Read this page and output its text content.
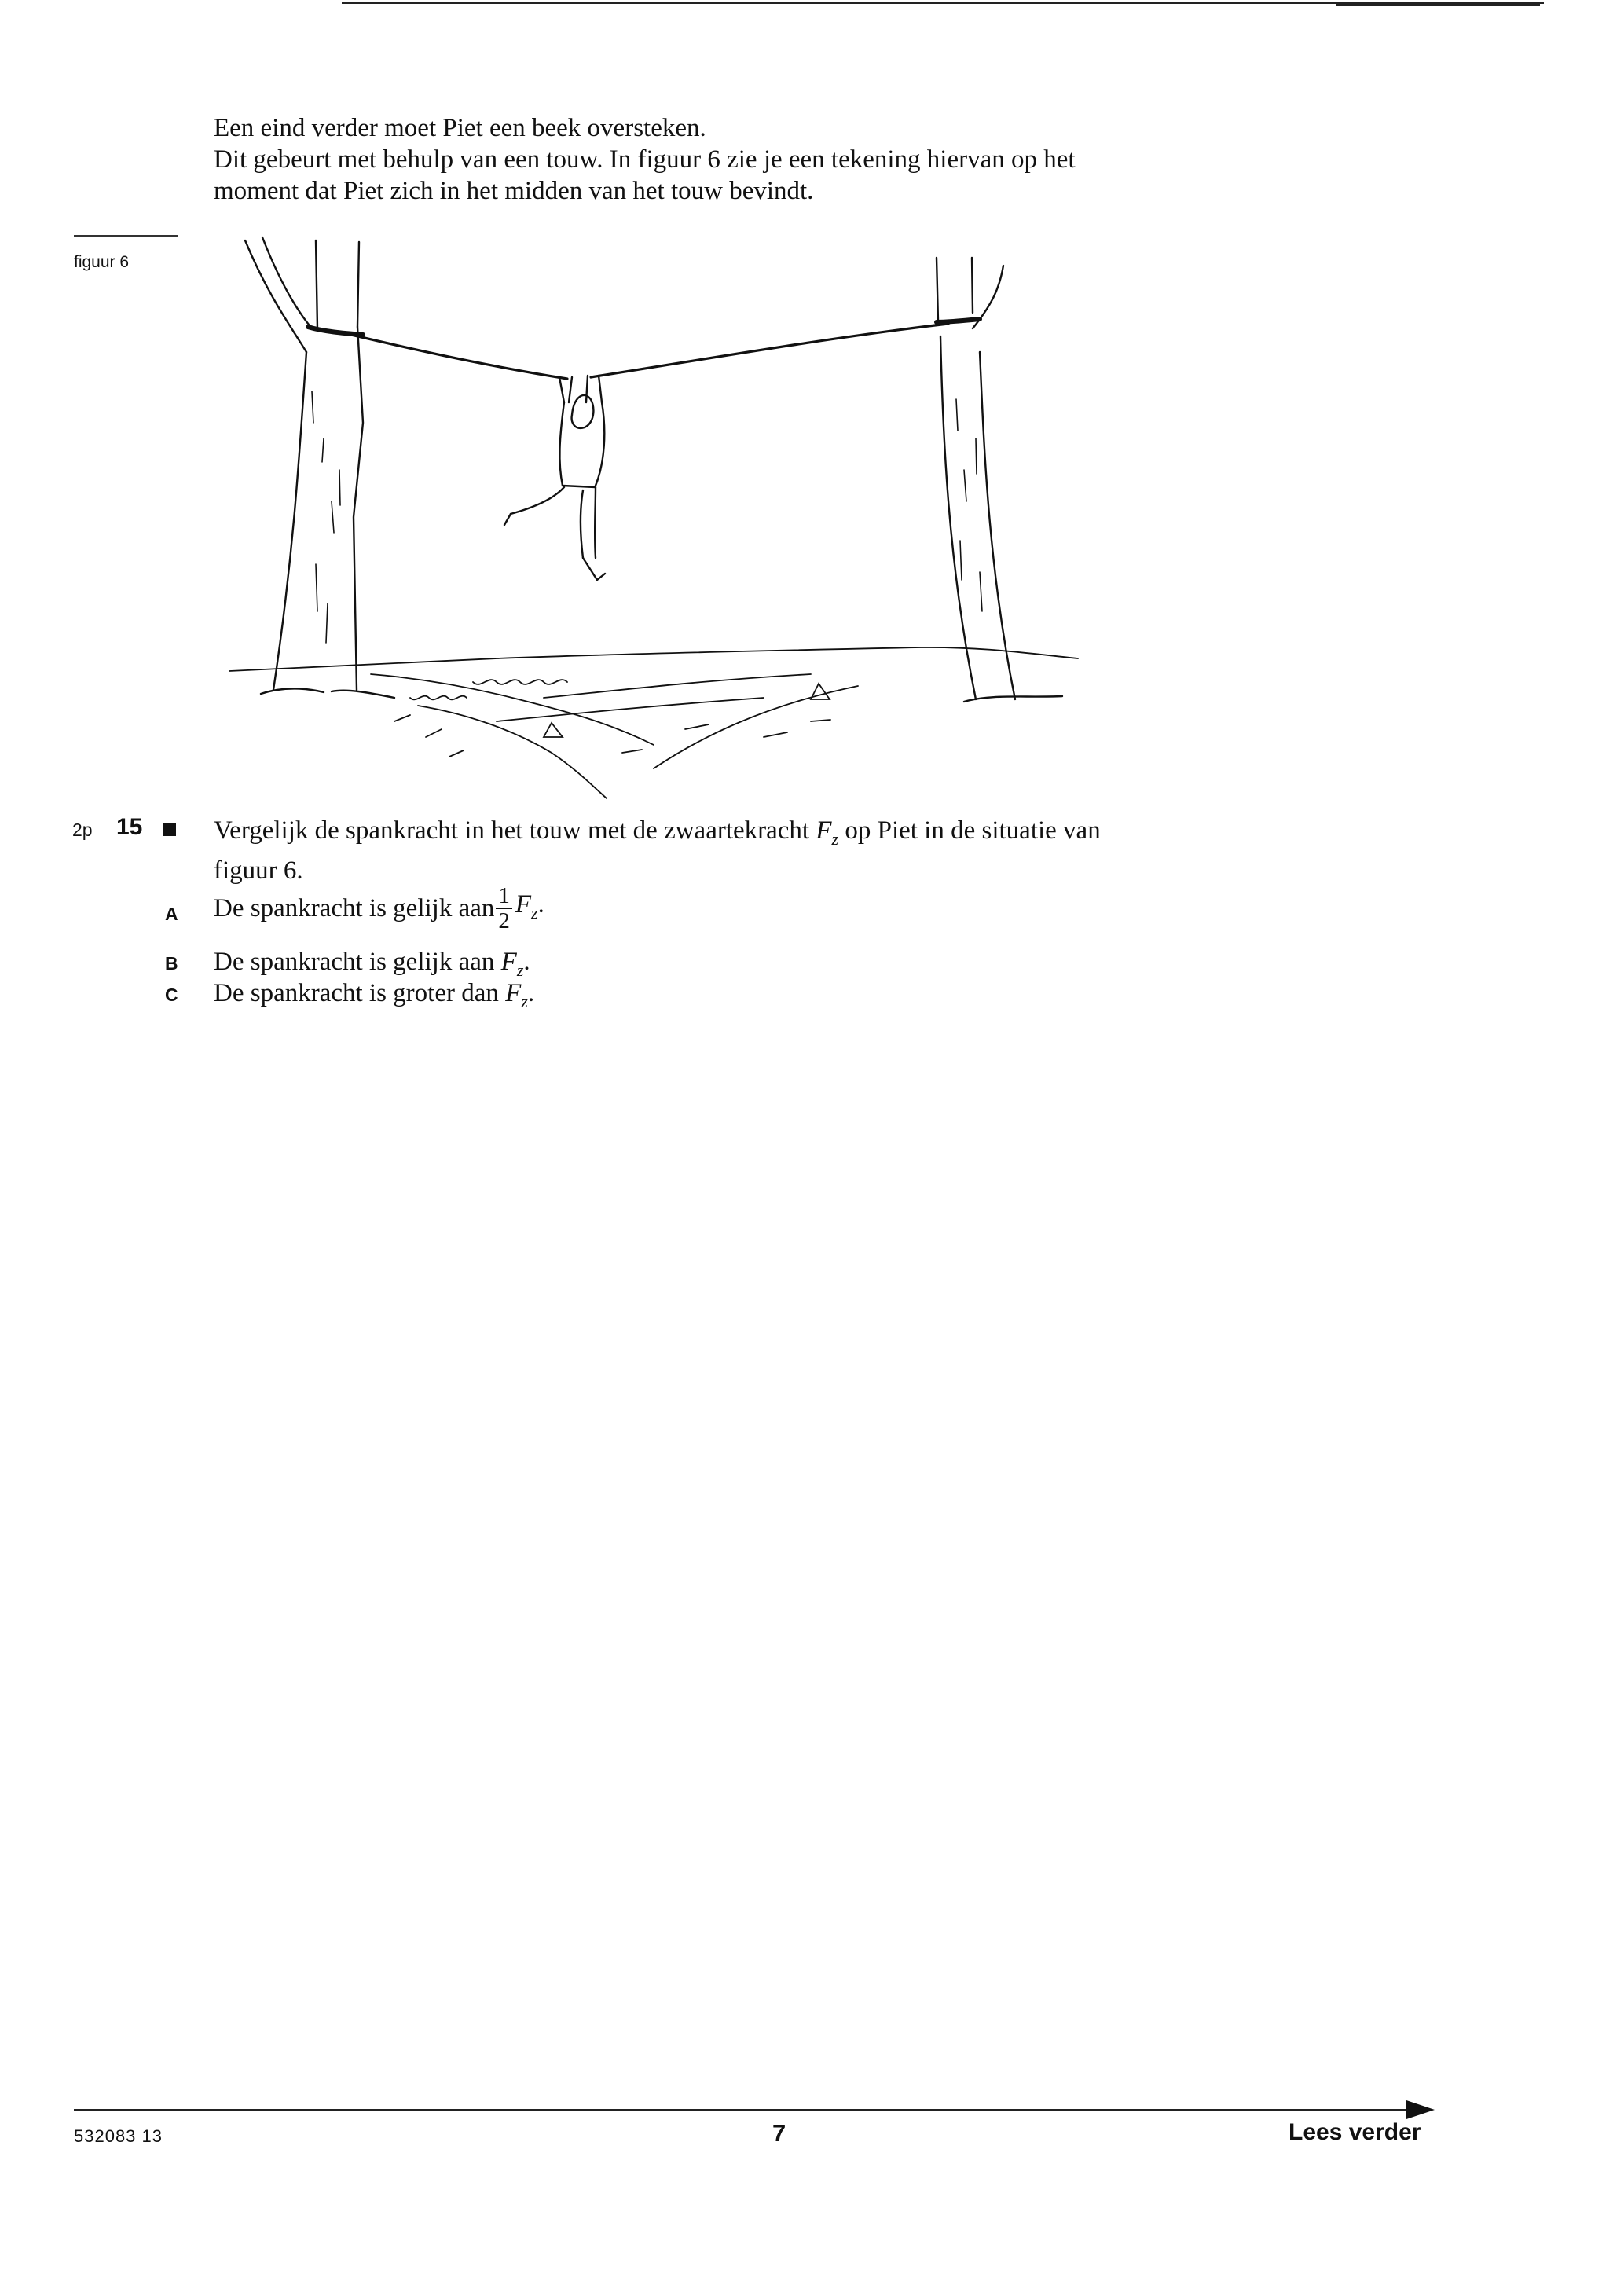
Een eind verder moet Piet een beek oversteken.

Dit gebeurt met behulp van een touw. In figuur 6 zie je een tekening hiervan op het

moment dat Piet zich in het midden van het touw bevindt.

figuur 6
2p 15	Vergelijk de spankracht in het touw met de zwaartekracht $F_z$ op Piet in de situatie van
figuur 6.
A De spankracht is gelijk aan $\frac{1}{2} F_z$.
B De spankracht is gelijk aan $F_z$.
C De spankracht is groter dan $F_z$.
532083 13	7	Lees verder
